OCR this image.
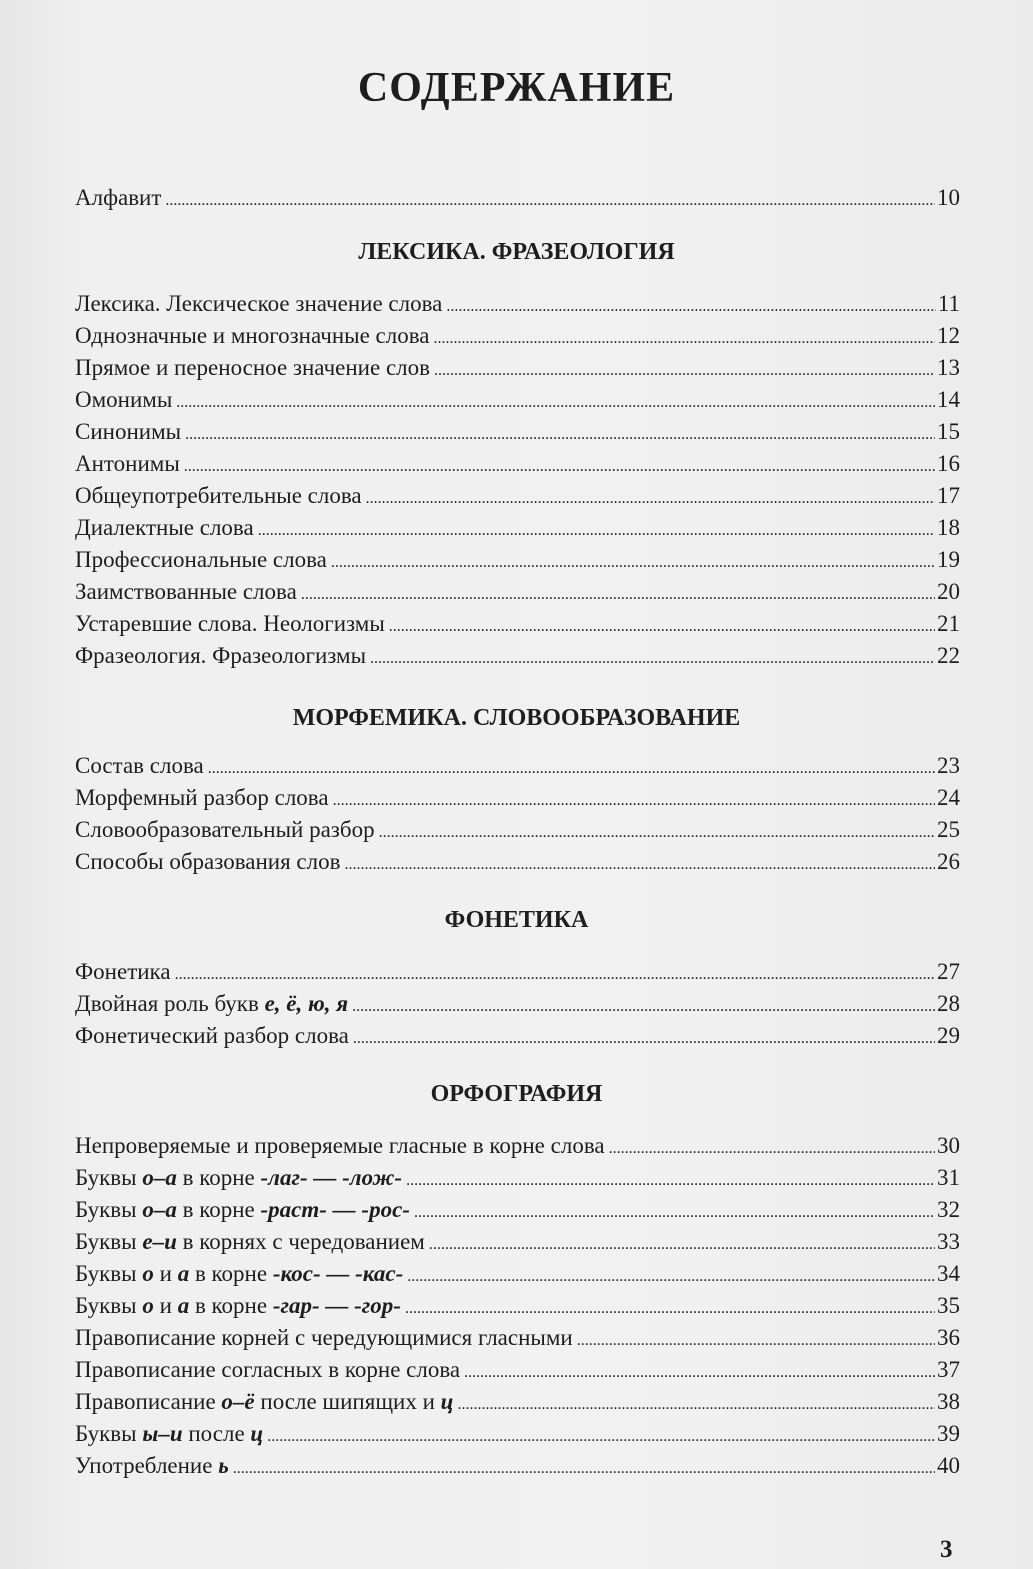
СОДЕРЖАНИЕ
Алфавит .....	10
ЛЕКСИКА. ФРАЗЕОЛОГИЯ
Лексика. Лексическое значение слова .....	11
Однозначные и многозначные слова .....	12
Прямое и переносное значение слов .....	13
Омонимы .....	14
Синонимы .....	15
Антонимы .....	16
Общеупотребительные слова .....	17
Диалектные слова .....	18
Профессиональные слова .....	19
Заимствованные слова .....	20
Устаревшие слова. Неологизмы .....	21
Фразеология. Фразеологизмы .....	22
МОРФЕМИКА. СЛОВООБРАЗОВАНИЕ
Состав слова .....	23
Морфемный разбор слова .....	24
Словообразовательный разбор .....	25
Способы образования слов .....	26
ФОНЕТИКА
Фонетика .....	27
Двойная роль букв е, ё, ю, я .....	28
Фонетический разбор слова .....	29
ОРФОГРАФИЯ
Непроверяемые и проверяемые гласные в корне слова .....	30
Буквы о–а в корне -лаг- — -лож- .....	31
Буквы о–а в корне -раст- — -рос- .....	32
Буквы е–и в корнях с чередованием .....	33
Буквы о и а в корне -кос- — -кас- .....	34
Буквы о и а в корне -гар- — -гор- .....	35
Правописание корней с чередующимися гласными .....	36
Правописание согласных в корне слова .....	37
Правописание о–ё после шипящих и ц .....	38
Буквы ы–и после ц .....	39
Употребление ь .....	40
3
